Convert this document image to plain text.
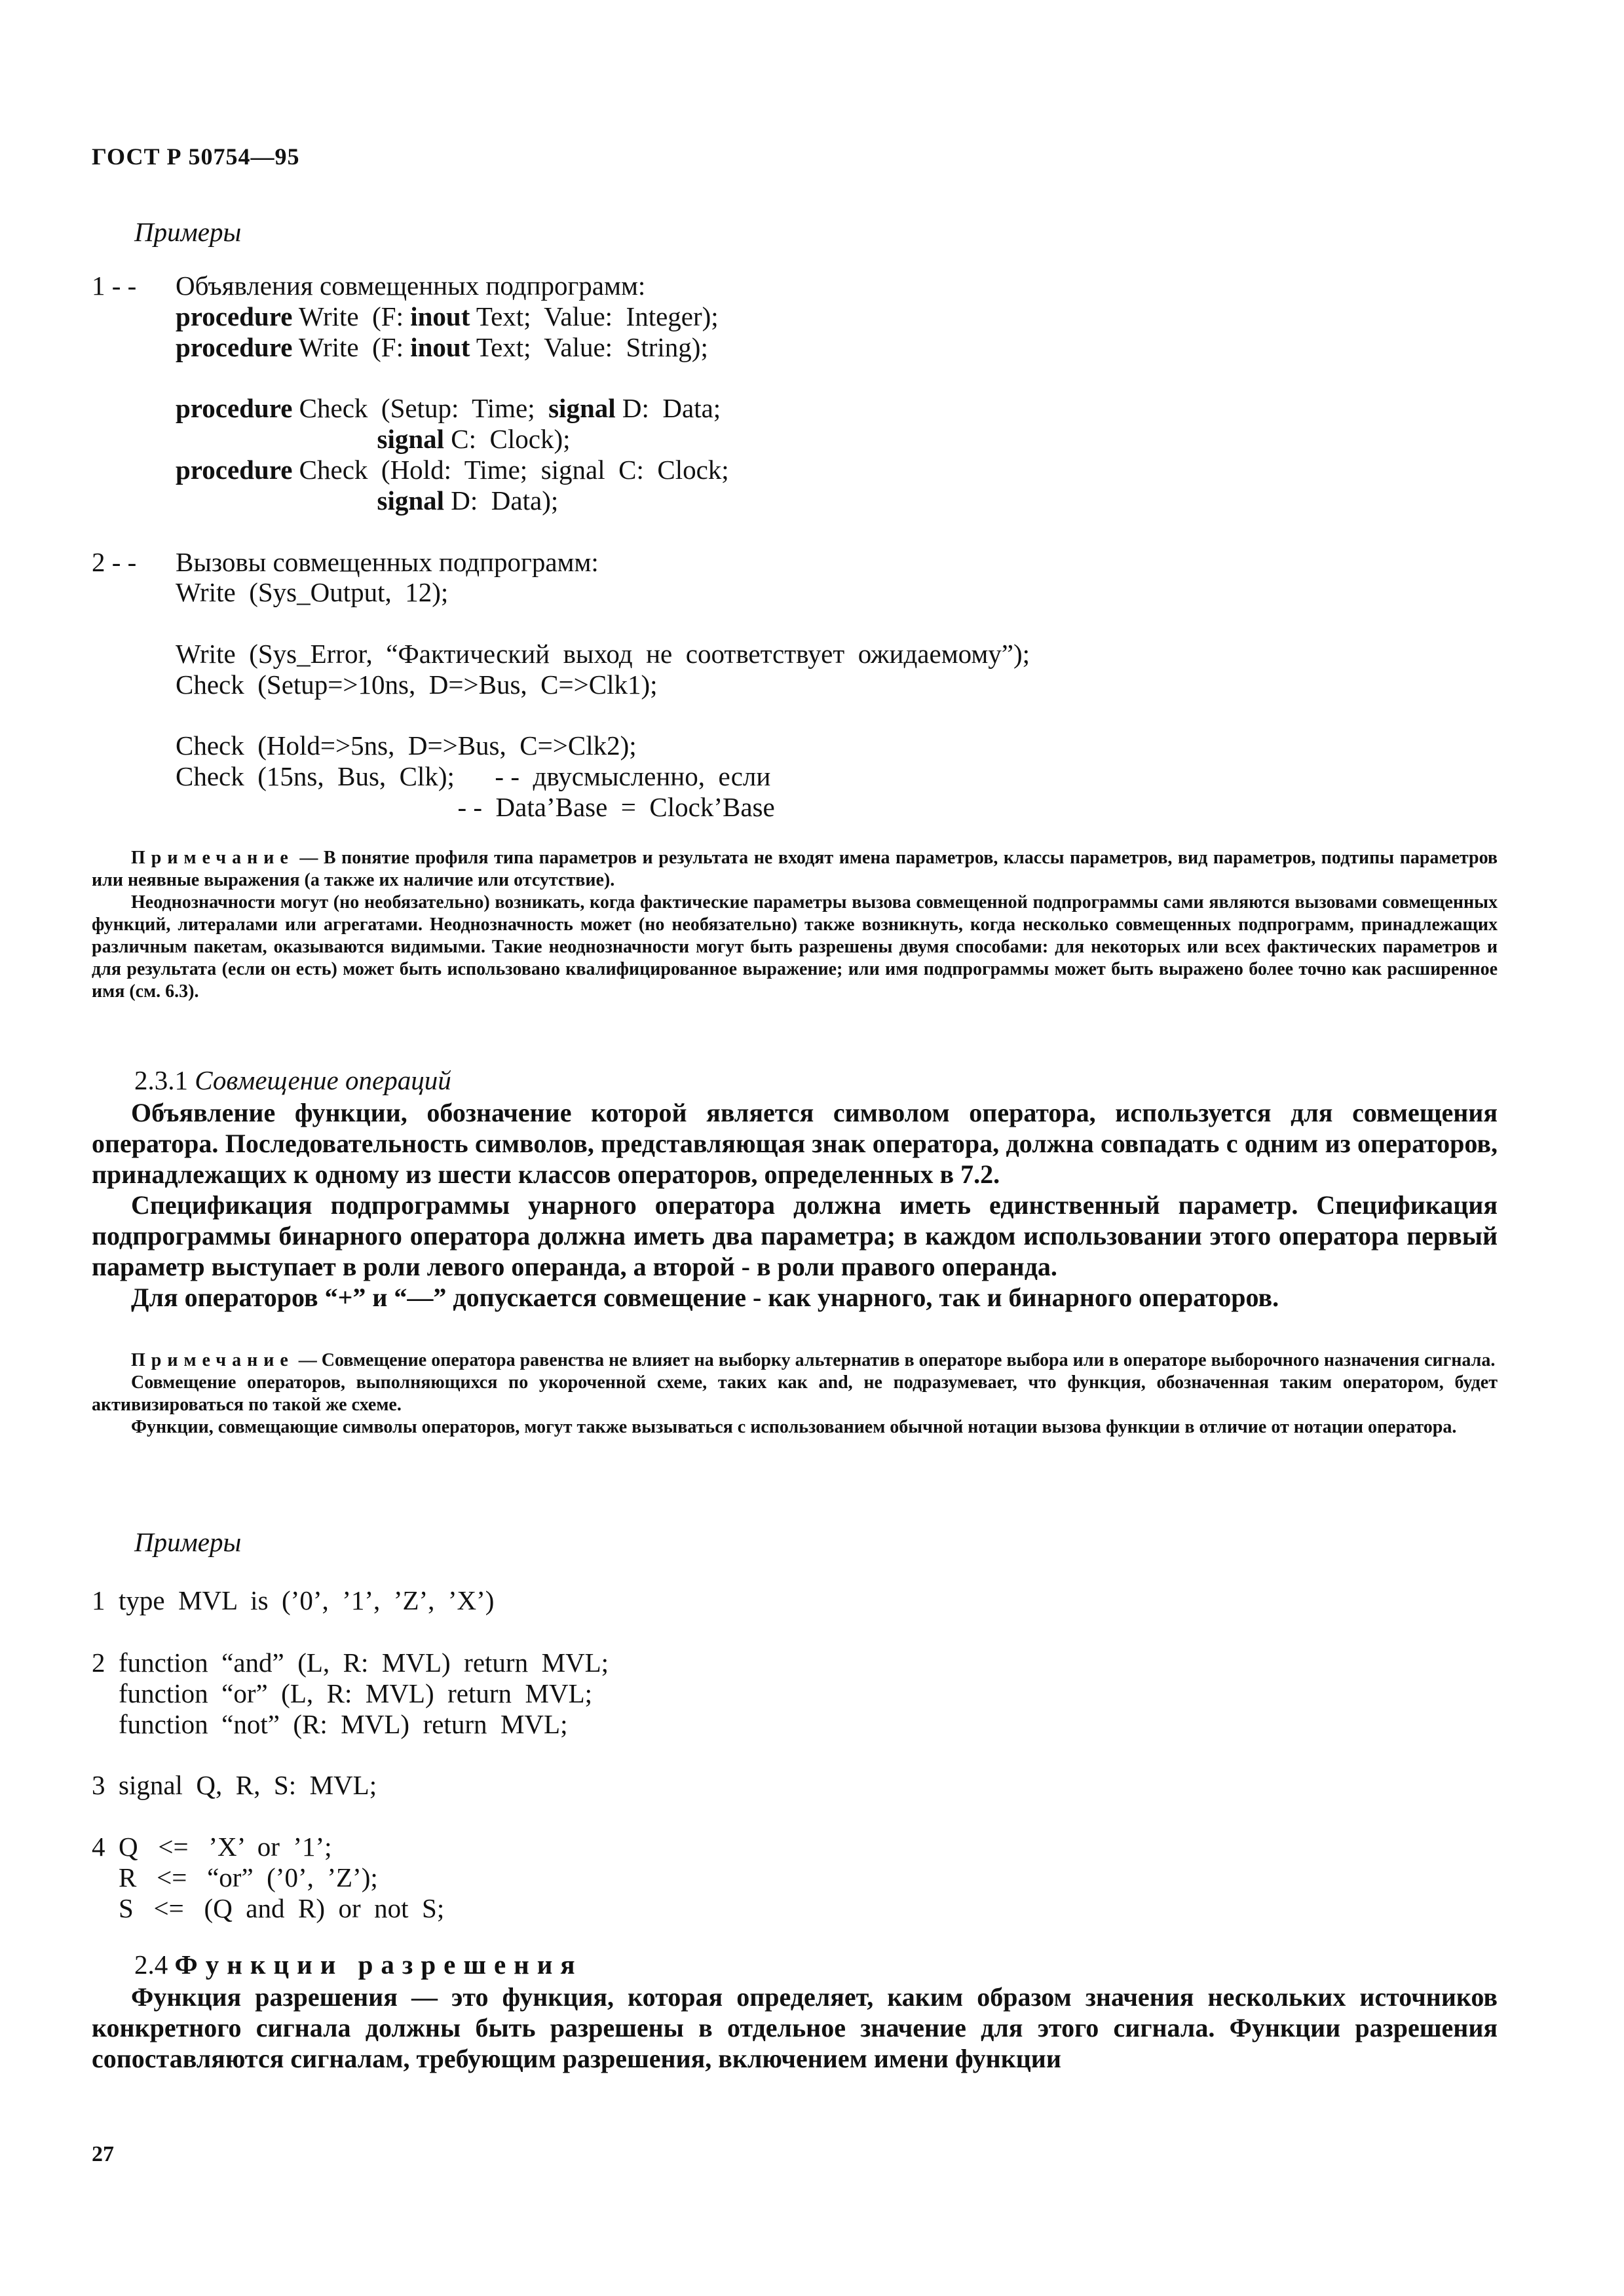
ГОСТ Р 50754—95
Примеры
1 - - Объявления совмещенных подпрограмм:
procedure Write  (F: inout Text;  Value:  Integer);
procedure Write  (F: inout Text;  Value:  String);
procedure Check  (Setup:  Time;  signal D:  Data;
signal C:  Clock);
procedure Check  (Hold:  Time;  signal  C:  Clock;
signal D:  Data);
2 - - Вызовы совмещенных подпрограмм:
Write  (Sys_Output,  12);
Write  (Sys_Error,  “Фактический  выход  не  соответствует  ожидаемому”);
Check  (Setup=>10ns,  D=>Bus,  C=>Clk1);
Check  (Hold=>5ns,  D=>Bus,  C=>Clk2);
Check  (15ns,  Bus,  Clk);      - -  двусмысленно,  если
- -  Data’Base  =  Clock’Base

Примечание — В понятие профиля типа параметров и результата не входят имена параметров, классы параметров, вид параметров, подтипы параметров или неявные выражения (а также их наличие или отсутствие).

Неоднозначности могут (но необязательно) возникать, когда фактические параметры вызова совмещенной подпрограммы сами являются вызовами совмещенных функций, литералами или агрегатами. Неоднозначность может (но необязательно) также возникнуть, когда несколько совмещенных подпрограмм, принадлежащих различным пакетам, оказываются видимыми. Такие неоднозначности могут быть разрешены двумя способами: для некоторых или всех фактических параметров и для результата (если он есть) может быть использовано квалифицированное выражение; или имя подпрограммы может быть выражено более точно как расширенное имя (см. 6.3).

2.3.1 Совмещение операций

Объявление функции, обозначение которой является символом оператора, используется для совмещения оператора. Последовательность символов, представляющая знак оператора, должна совпадать с одним из операторов, принадлежащих к одному из шести классов операторов, определенных в 7.2.

Спецификация подпрограммы унарного оператора должна иметь единственный параметр. Спецификация подпрограммы бинарного оператора должна иметь два параметра; в каждом использовании этого оператора первый параметр выступает в роли левого операнда, а второй - в роли правого операнда.

Для операторов “+” и “—” допускается совмещение - как унарного, так и бинарного операторов.

Примечание — Совмещение оператора равенства не влияет на выборку альтернатив в операторе выбора или в операторе выборочного назначения сигнала.

Совмещение операторов, выполняющихся по укороченной схеме, таких как and, не подразумевает, что функция, обозначенная таким оператором, будет активизироваться по такой же схеме.

Функции, совмещающие символы операторов, могут также вызываться с использованием обычной нотации вызова функции в отличие от нотации оператора.

Примеры
1  type  MVL  is  (’0’,  ’1’,  ’Z’,  ’X’)
2  function  “and”  (L,  R:  MVL)  return  MVL;
function  “or”  (L,  R:  MVL)  return  MVL;
function  “not”  (R:  MVL)  return  MVL;
3  signal  Q,  R,  S:  MVL;
4  Q   <=   ’X’  or  ’1’;
R   <=   “or”  (’0’,  ’Z’);
S   <=   (Q  and  R)  or  not  S;
2.4 Функции разрешения

Функция разрешения — это функция, которая определяет, каким образом значения нескольких источников конкретного сигнала должны быть разрешены в отдельное значение для этого сигнала. Функции разрешения сопоставляются сигналам, требующим разрешения, включением имени функции

27
